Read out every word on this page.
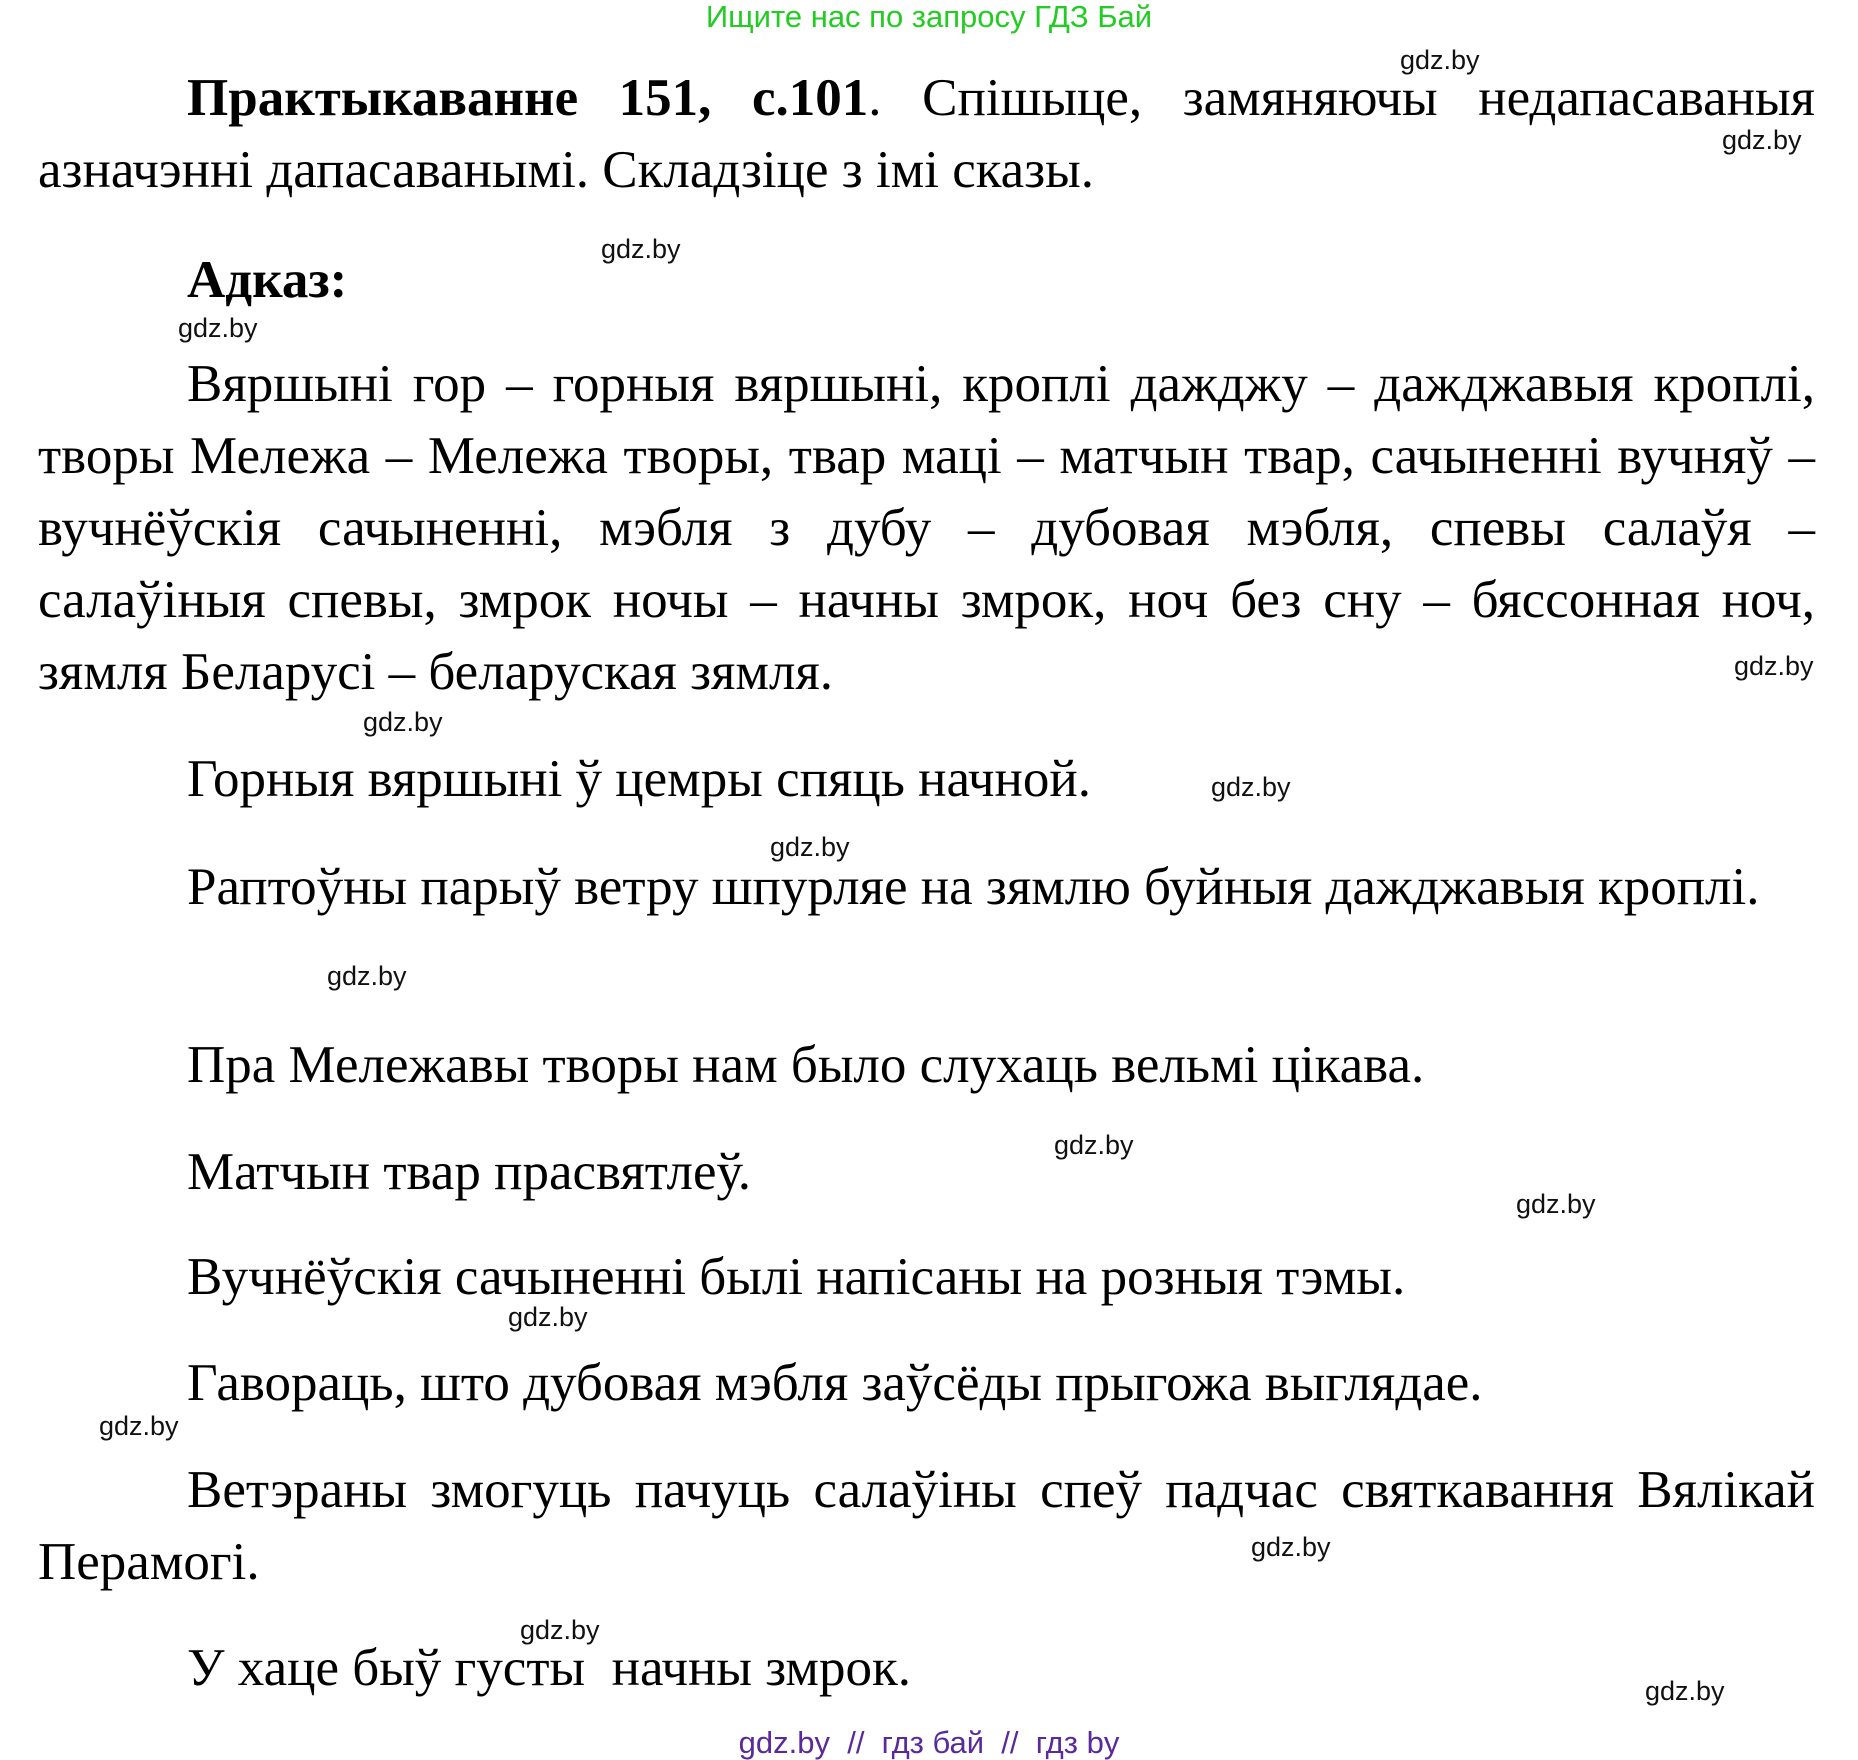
Ищите нас по запросу ГДЗ Бай

Практыкаванне 151, с.101. Спішыце, замяняючы недапасаваныя азначэнні дапасаванымі. Складзіце з імі сказы.

Адказ:

Вяршыні гор – горныя вяршыні, кроплі дажджу – дажджавыя кроплі, творы Мележа – Мележа творы, твар маці – матчын твар, сачыненні вучняў – вучнёўскія сачыненні, мэбля з дубу – дубовая мэбля, спевы салаўя – салаўіныя спевы, змрок ночы – начны змрок, ноч без сну – бяссонная ноч, зямля Беларусі – беларуская зямля.

Горныя вяршыні ў цемры спяць начной.

Раптоўны парыў ветру шпурляе на зямлю буйныя дажджавыя кроплі.

Пра Мележавы творы нам было слухаць вельмі цікава.

Матчын твар прасвятлеў.

Вучнёўскія сачыненні былі напісаны на розныя тэмы.

Гавораць, што дубовая мэбля заўсёды прыгожа выглядае.

Ветэраны змогуць пачуць салаўіны спеў падчас святкавання Вялікай Перамогі.

У хаце быў густы  начны змрок.

gdz.by
gdz.by
gdz.by
gdz.by
gdz.by
gdz.by
gdz.by
gdz.by
gdz.by
gdz.by
gdz.by
gdz.by
gdz.by
gdz.by
gdz.by
gdz.by
gdz.by  //  гдз бай  //  гдз by
